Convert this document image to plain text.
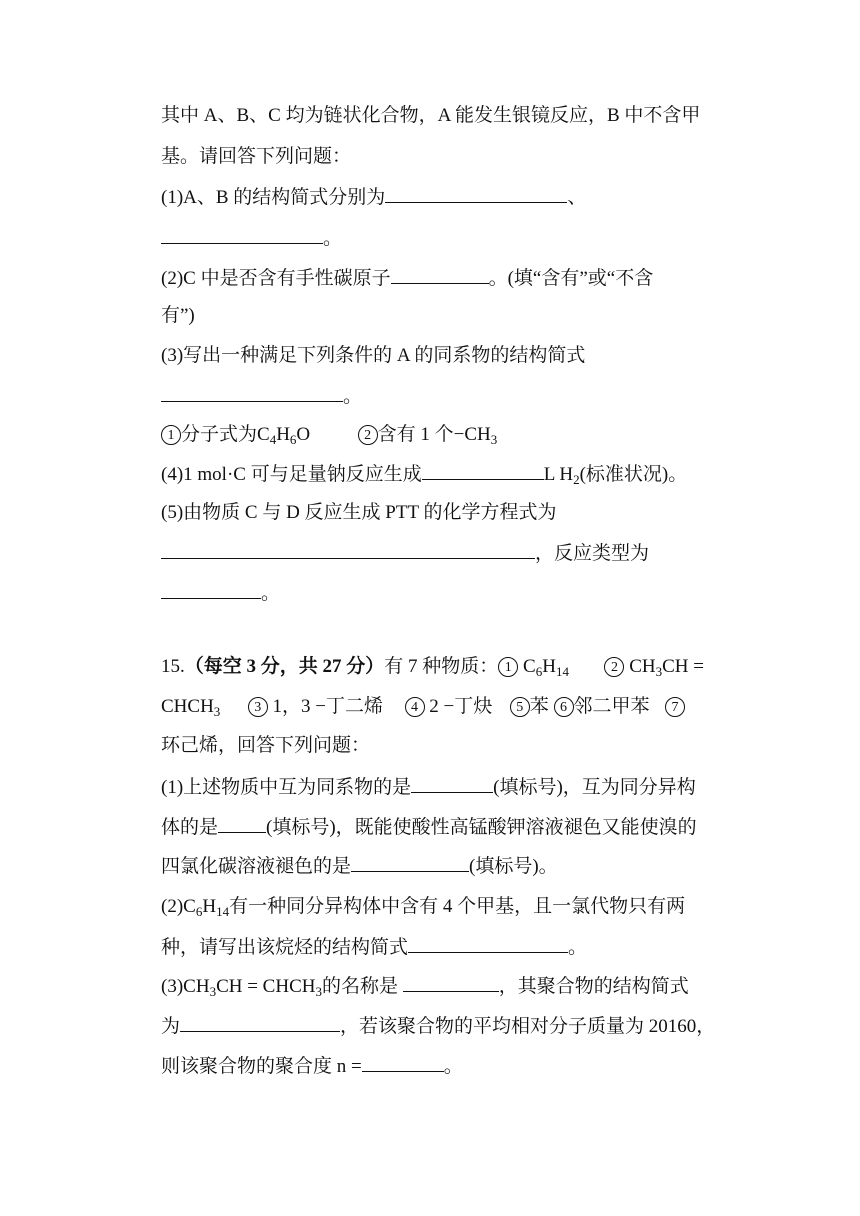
其中 A、B、C 均为链状化合物，A 能发生银镜反应，B 中不含甲
基。请回答下列问题：
(1)A、B 的结构简式分别为	、
。
(2)C 中是否含有手性碳原子	。(填“含有”或“不含
有”)
(3)写出一种满足下列条件的 A 的同系物的结构简式
。
1 分子式为$C_4H_6O$	2 含有 1 个$-CH_3$
(4)1 mol·C 可与足量钠反应生成	L $H_2$(标准状况)。
(5)由物质 C 与 D 反应生成 PTT 的化学方程式为
，反应类型为
。
15.（每空 3 分，共 27 分）有 7 种物质： 1 $C_6H_{14}$	2 $CH_3CH$ =
$CHCH_3$ 3 1，3 −丁二烯 4 2 −丁炔 5 苯 6 邻二甲苯 7
环己烯，回答下列问题：
(1)上述物质中互为同系物的是	(填标号)，互为同分异构
体的是	(填标号)，既能使酸性高锰酸钾溶液褪色又能使溴的
四氯化碳溶液褪色的是	(填标号)。
$(2)C_6H_{14}$有一种同分异构体中含有 4 个甲基，且一氯代物只有两
种，请写出该烷烃的结构简式	。
$(3)CH_3CH$ = $CHCH_3$的名称是	，其聚合物的结构简式
为	，若该聚合物的平均相对分子质量为 20160，
则该聚合物的聚合度 n =	。
